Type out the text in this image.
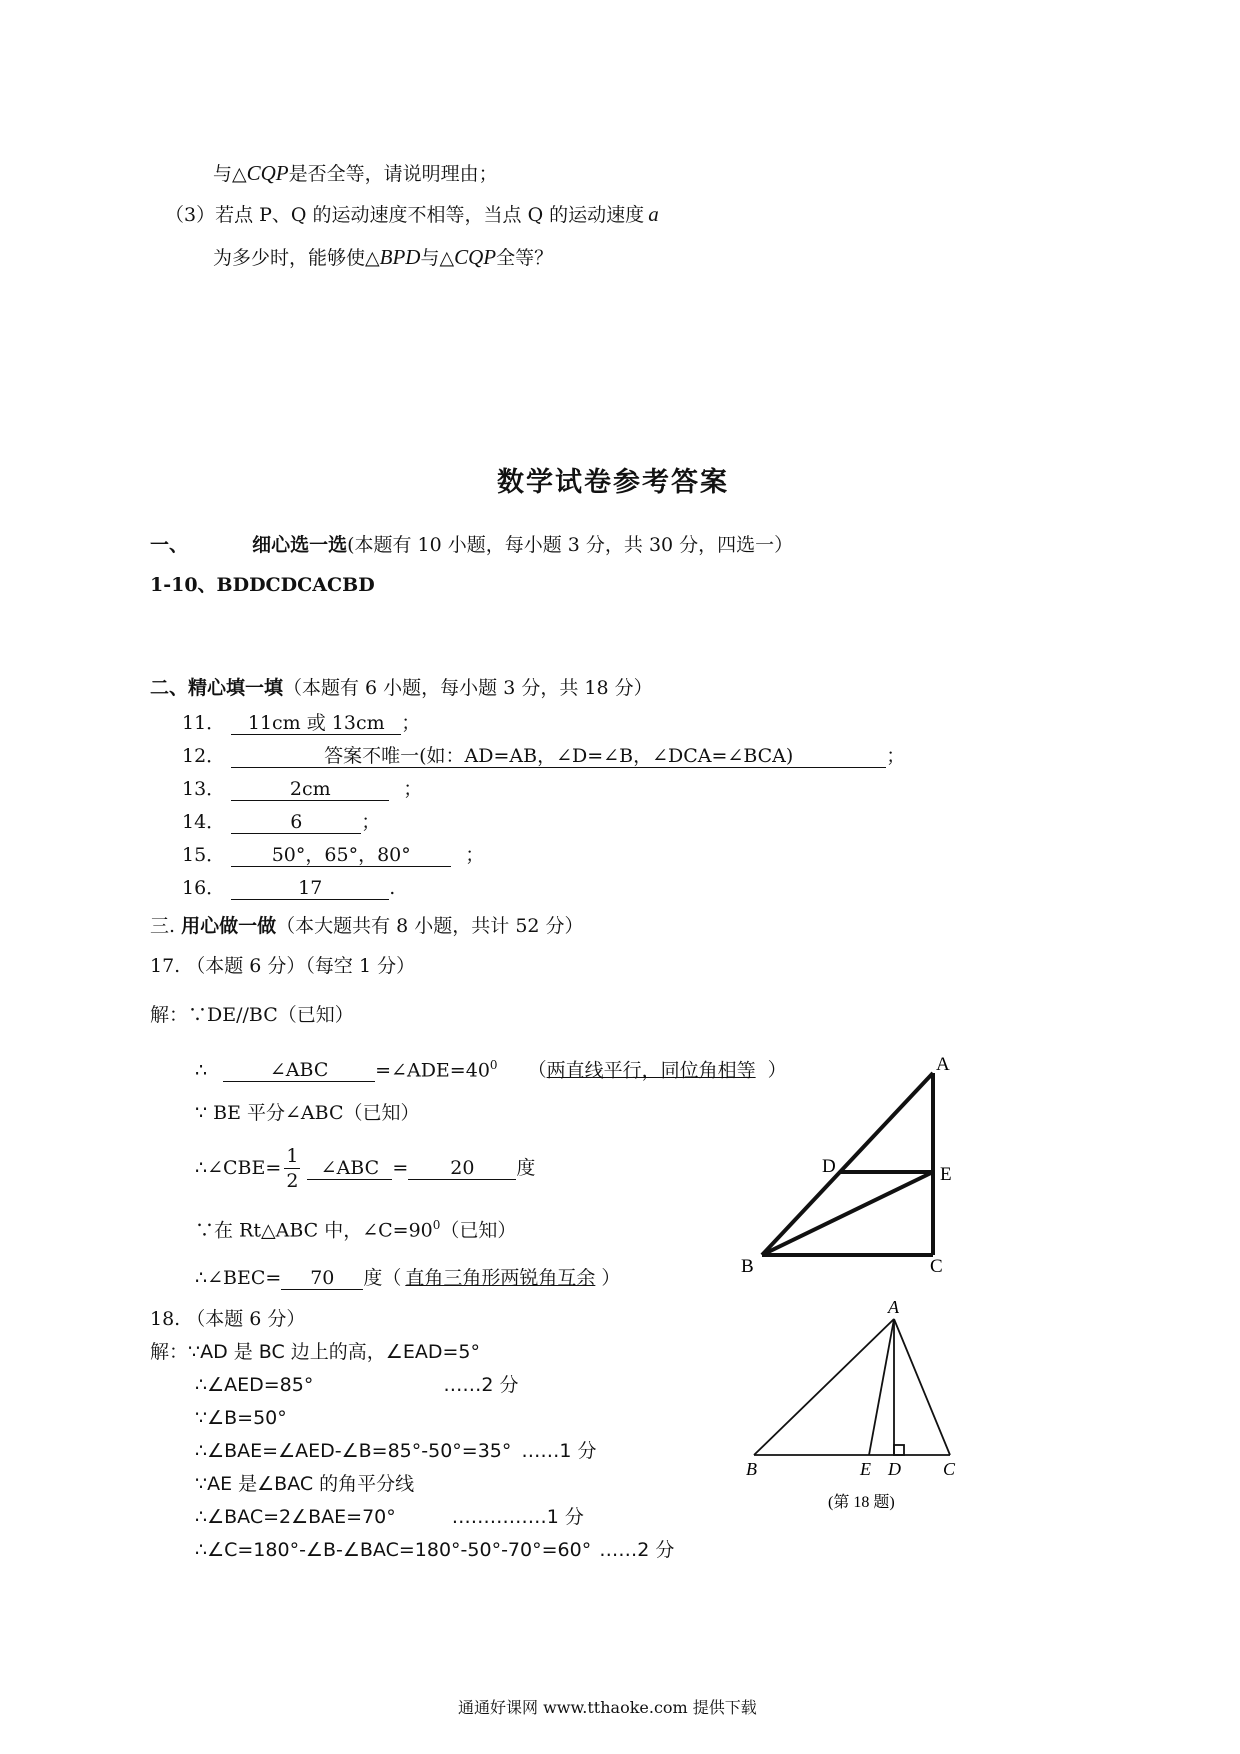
与△CQP是否全等，请说明理由；
（3）若点 P、Q 的运动速度不相等，当点 Q 的运动速度 a
为多少时，能够使△BPD与△CQP全等？
数学试卷参考答案
一、	细心选一选(本题有 10 小题，每小题 3 分，共 30 分，四选一）
1-10、BDDCDCACBD
二、精心填一填（本题有 6 小题，每小题 3 分，共 18 分）
11． 11cm 或 13cm ；
12．	答案不唯一(如：AD=AB，∠D=∠B，∠DCA=∠BCA)	；
13．	2cm	；
14．	6	；
15． 50°，65°，80°	；
16．	17	.
三. 用心做一做（本大题共有 8 小题，共计 52 分）
17. （本题 6 分）（每空 1 分）
解：∵DE//BC（已知）
∴	∠ABC $=\angle ADE=40^0$ （两直线平行，同位角相等 ）
∵ BE 平分∠ABC（已知）
∴∠CBE= $\frac{1}{2}$	∠ABC =	20	度
∵在 Rt△ABC 中，$\angle C=90^0$（已知）
∴∠BEC= 70 度（ 直角三角形两锐角互余 ）
A
D	E
B	C
18. （本题 6 分）
解：∵AD 是 BC 边上的高，∠EAD=5°
∴∠AED=85°	……2 分
∵∠B=50°
∴∠BAE=∠AED-∠B=85°-50°=35° ……1 分
∵AE 是∠BAC 的角平分线
∴∠BAC=2∠BAE=70°	……………1 分
∴∠C=180°-∠B-∠BAC=180°-50°-70°=60° ……2 分
A
B	E D C
(第 18 题)
通通好课网 www.tthaoke.com 提供下载
